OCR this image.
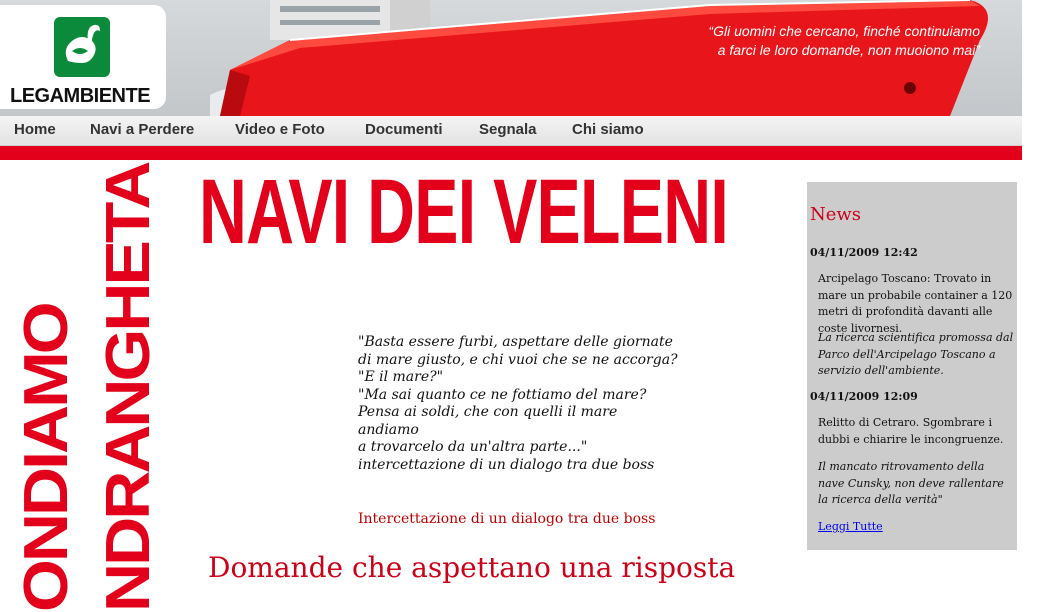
LEGAMBIENTE
“Gli uomini che cercano, finché continuiamo
a farci le loro domande, non muoiono mai”
Home Navi a Perdere	Video e Foto	Documenti Segnala Chi siamo
ONDIAMO NDRANGHETA NAVI DEI VELENI
"Basta essere furbi, aspettare delle giornate
di mare giusto, e chi vuoi che se ne accorga?
"E il mare?"
"Ma sai quanto ce ne fottiamo del mare?
Pensa ai soldi, che con quelli il mare
andiamo
a trovarcelo da un'altra parte..."
intercettazione di un dialogo tra due boss
Intercettazione di un dialogo tra due boss
Domande che aspettano una risposta
News
04/11/2009 12:42
Arcipelago Toscano: Trovato in mare un probabile container a 120 metri di profondità davanti alle coste livornesi.
La ricerca scientifica promossa dal Parco dell'Arcipelago Toscano a servizio dell'ambiente.
04/11/2009 12:09
Relitto di Cetraro. Sgombrare i dubbi e chiarire le incongruenze.
Il mancato ritrovamento della nave Cunsky, non deve rallentare la ricerca della verità"
Leggi Tutte
